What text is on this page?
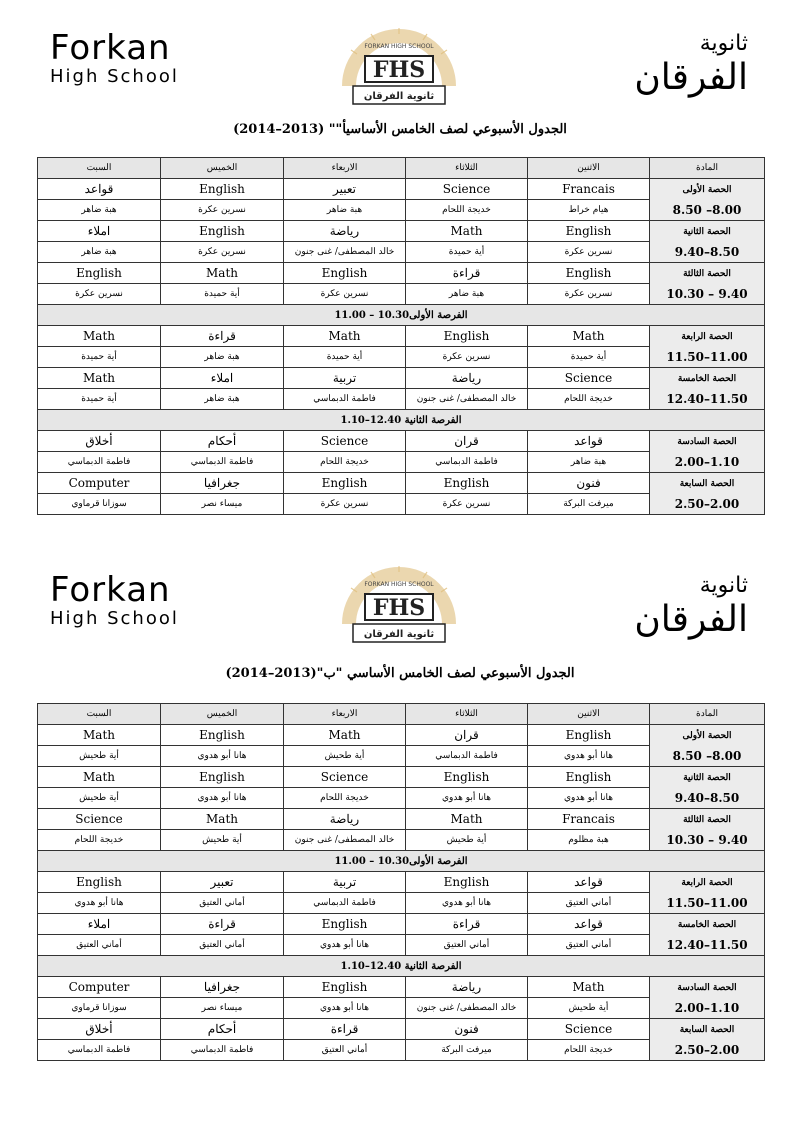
Forkan
High School	FHS
ثانوية الفرقان
FORKAN HIGH SCHOOL	ثانوية
الفرقان
الجدول الأسبوعي لصف الخامس الأساسيأ"" (2013–2014)
المادة	الاثنين	الثلاثاء	الاربعاء	الخميس	السبت

الحصة الأولى
8.00– 8.50	Francais	Science	تعبير	English	قواعد
	هيام خراط	خديجة اللحام	هبة ضاهر	نسرين عكرة	هبة ضاهر

الحصة الثانية
8.50–9.40	English	Math	رياضة	English	املاء
	نسرين عكرة	أية حميدة	خالد المصطفى/ غنى جنون	نسرين عكرة	هبة ضاهر

الحصة الثالثة
9.40 – 10.30	English	قراءة	English	Math	English
	نسرين عكرة	هبة ضاهر	نسرين عكرة	أية حميدة	نسرين عكرة
الفرصة الأولى10.30 – 11.00					

الحصة الرابعة
11.00–11.50	Math	English	Math	قراءة	Math
	أية حميدة	نسرين عكرة	أية حميدة	هبة ضاهر	أية حميدة

الحصة الخامسة
11.50–12.40	Science	رياضة	تربية	املاء	Math
	خديجة اللحام	خالد المصطفى/ غنى جنون	فاطمة الدبماسي	هبة ضاهر	أية حميدة
الفرصة الثانية 12.40–1.10					

الحصة السادسة
1.10–2.00	قواعد	قران	Science	أحكام	أخلاق
	هبة ضاهر	فاطمة الدبماسي	خديجة اللحام	فاطمة الدبماسي	فاطمة الدبماسي

الحصة السابعة
2.00–2.50	فنون	English	English	جغرافيا	Computer
	ميرفت البركة	نسرين عكرة	نسرين عكرة	ميساء نصر	سوزانا قرماوي
Forkan
High School	FHS
ثانوية الفرقان
FORKAN HIGH SCHOOL	ثانوية
الفرقان
الجدول الأسبوعي لصف الخامس الأساسي "ب"(2013–2014)
المادة	الاثنين	الثلاثاء	الاربعاء	الخميس	السبت

الحصة الأولى
8.00– 8.50	English	قران	Math	English	Math
	هانا أبو هدوي	فاطمة الدبماسي	أية طحيش	هانا أبو هدوي	أية طحيش

الحصة الثانية
8.50–9.40	English	English	Science	English	Math
	هانا أبو هدوي	هانا أبو هدوي	خديجة اللحام	هانا أبو هدوي	أية طحيش

الحصة الثالثة
9.40 – 10.30	Francais	Math	رياضة	Math	Science
	هبة مظلوم	أية طحيش	خالد المصطفى/ غنى جنون	أية طحيش	خديجة اللحام
الفرصة الأولى10.30 – 11.00					

الحصة الرابعة
11.00–11.50	قواعد	English	تربية	تعبير	English
	أماني العتيق	هانا أبو هدوي	فاطمة الدبماسي	أماني العتيق	هانا أبو هدوي

الحصة الخامسة
11.50–12.40	قواعد	قراءة	English	قراءة	املاء
	أماني العتيق	أماني العتيق	هانا أبو هدوي	أماني العتيق	أماني العتيق
الفرصة الثانية 12.40–1.10					

الحصة السادسة
1.10–2.00	Math	رياضة	English	جغرافيا	Computer
	أية طحيش	خالد المصطفى/ غنى جنون	هانا أبو هدوي	ميساء نصر	سوزانا قرماوي

الحصة السابعة
2.00–2.50	Science	فنون	قراءة	أحكام	أخلاق
	خديجة اللحام	ميرفت البركة	أماني العتيق	فاطمة الدبماسي	فاطمة الدبماسي
